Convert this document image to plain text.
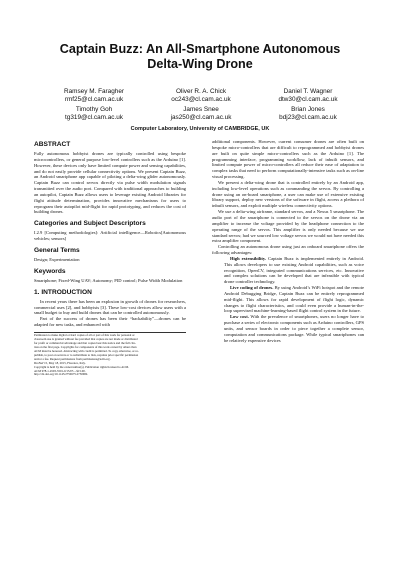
Captain Buzz: An All-Smartphone Autonomous
Delta-Wing Drone
Ramsey M. Faragher
rmf25@cl.cam.ac.uk
Oliver R. A. Chick
oc243@cl.cam.ac.uk
Daniel T. Wagner
dtw30@cl.cam.ac.uk
Timothy Goh
tg319@cl.cam.ac.uk
James Snee
jas250@cl.cam.ac.uk
Brian Jones
bdj23@cl.cam.ac.uk
Computer Laboratory, University of CAMBRIDGE, UK
ABSTRACT

Fully autonomous hobbyist drones are typically controlled using bespoke microcontrollers, or general purpose low-level controllers such as the Arduino [1]. However, these devices only have limited compute power and sensing capabilities, and do not easily provide cellular connectivity options. We present Captain Buzz, an Android smartphone app capable of piloting a delta-wing glider autonomously. Captain Buzz can control servos directly via pulse width modulation signals transmitted over the audio port. Compared with traditional approaches to building an autopilot, Captain Buzz allows users to leverage existing Android libraries for flight attitude determination, provides innovative mechanisms for users to reprogram their autopilot mid-flight for rapid prototyping, and reduces the cost of building drones.

Categories and Subject Descriptors

I.2.9 [Computing methodologies]: Artificial intelligence—Robotics[Autonomous vehicles; sensors]

General Terms

Design; Experimentation

Keywords

Smartphone; Fixed-Wing UAV; Autonomy; PID control; Pulse Width Modulation

1. INTRODUCTION

In recent years there has been an explosion in growth of drones for researchers, commercial uses [2], and hobbyists [3]. These low-cost devices allow users with a small budget to buy and build drones that can be controlled autonomously.

Part of the success of drones has been their “hackability”—drones can be adapted for new tasks, and enhanced with

Permission to make digital or hard copies of all or part of this work for personal or
classroom use is granted without fee provided that copies are not made or distributed
for profit or commercial advantage and that copies bear this notice and the full cita-
tion on the first page. Copyrights for components of this work owned by others than
ACM must be honored. Abstracting with credit is permitted. To copy otherwise, or re-
publish, to post on servers or to redistribute to lists, requires prior specific permission
and/or a fee. Request permissions from permissions@acm.org.
DroNet’15, May 18, 2015, Florence, Italy.
Copyright is held by the owner/author(s). Publication rights licensed to ACM.
ACM 978-1-4503-3501-0/15/05 ...$15.00.
http://dx.doi.org/10.1145/2750675.2750682.

additional components. However, current consumer drones are often built on bespoke micro-controllers that are difficult to reprogrammed and hobbyist drones are built on quite simple micro-controllers such as the Arduino [1]. The programming interface, programming workflow, lack of inbuilt sensors, and limited compute power of micro-controllers all reduce their ease of adaptation to complex tasks that need to perform computationally-intensive tasks such as on-line visual processing.

We present a delta-wing drone that is controlled entirely by an Android app, including low-level operations such as commanding the servos. By controlling a drone using an on-board smartphone, a user can make use of extensive existing library support, deploy new versions of the software in flight, access a plethora of inbuilt sensors, and exploit multiple wireless connectivity options.

We use a delta-wing airframe, standard servos, and a Nexus 5 smartphone. The audio port of the smartphone is connected to the servos on the drone via an amplifier to increase the voltage provided by the headphone connection to the operating range of the servos. This amplifier is only needed because we use standard servos; had we sourced low voltage servos we would not have needed this extra amplifier component.

Controlling an autonomous drone using just an onboard smartphone offers the following advantages:

High extensibility. Captain Buzz is implemented entirely in Android. This allows developers to use existing Android capabilities, such as voice recognition, OpenCV, integrated communications services, etc. Innovative and complex solutions can be developed that are infeasible with typical drone controller technology.

Live coding of drones. By using Android’s WiFi hotspot and the remote Android Debugging Bridge, Captain Buzz can be entirely reprogrammed mid-flight. This allows for rapid development of flight logic, dynamic changes to flight characteristics, and could even provide a human-in-the-loop supervised machine-learning-based flight control system in the future.

Low cost. With the prevalence of smartphones, users no longer have to purchase a series of electronic components such as Arduino controllers, GPS units, and sensor boards in order to piece together a complete sensor, computation and communications package. While typical smartphones can be relatively expensive devices
